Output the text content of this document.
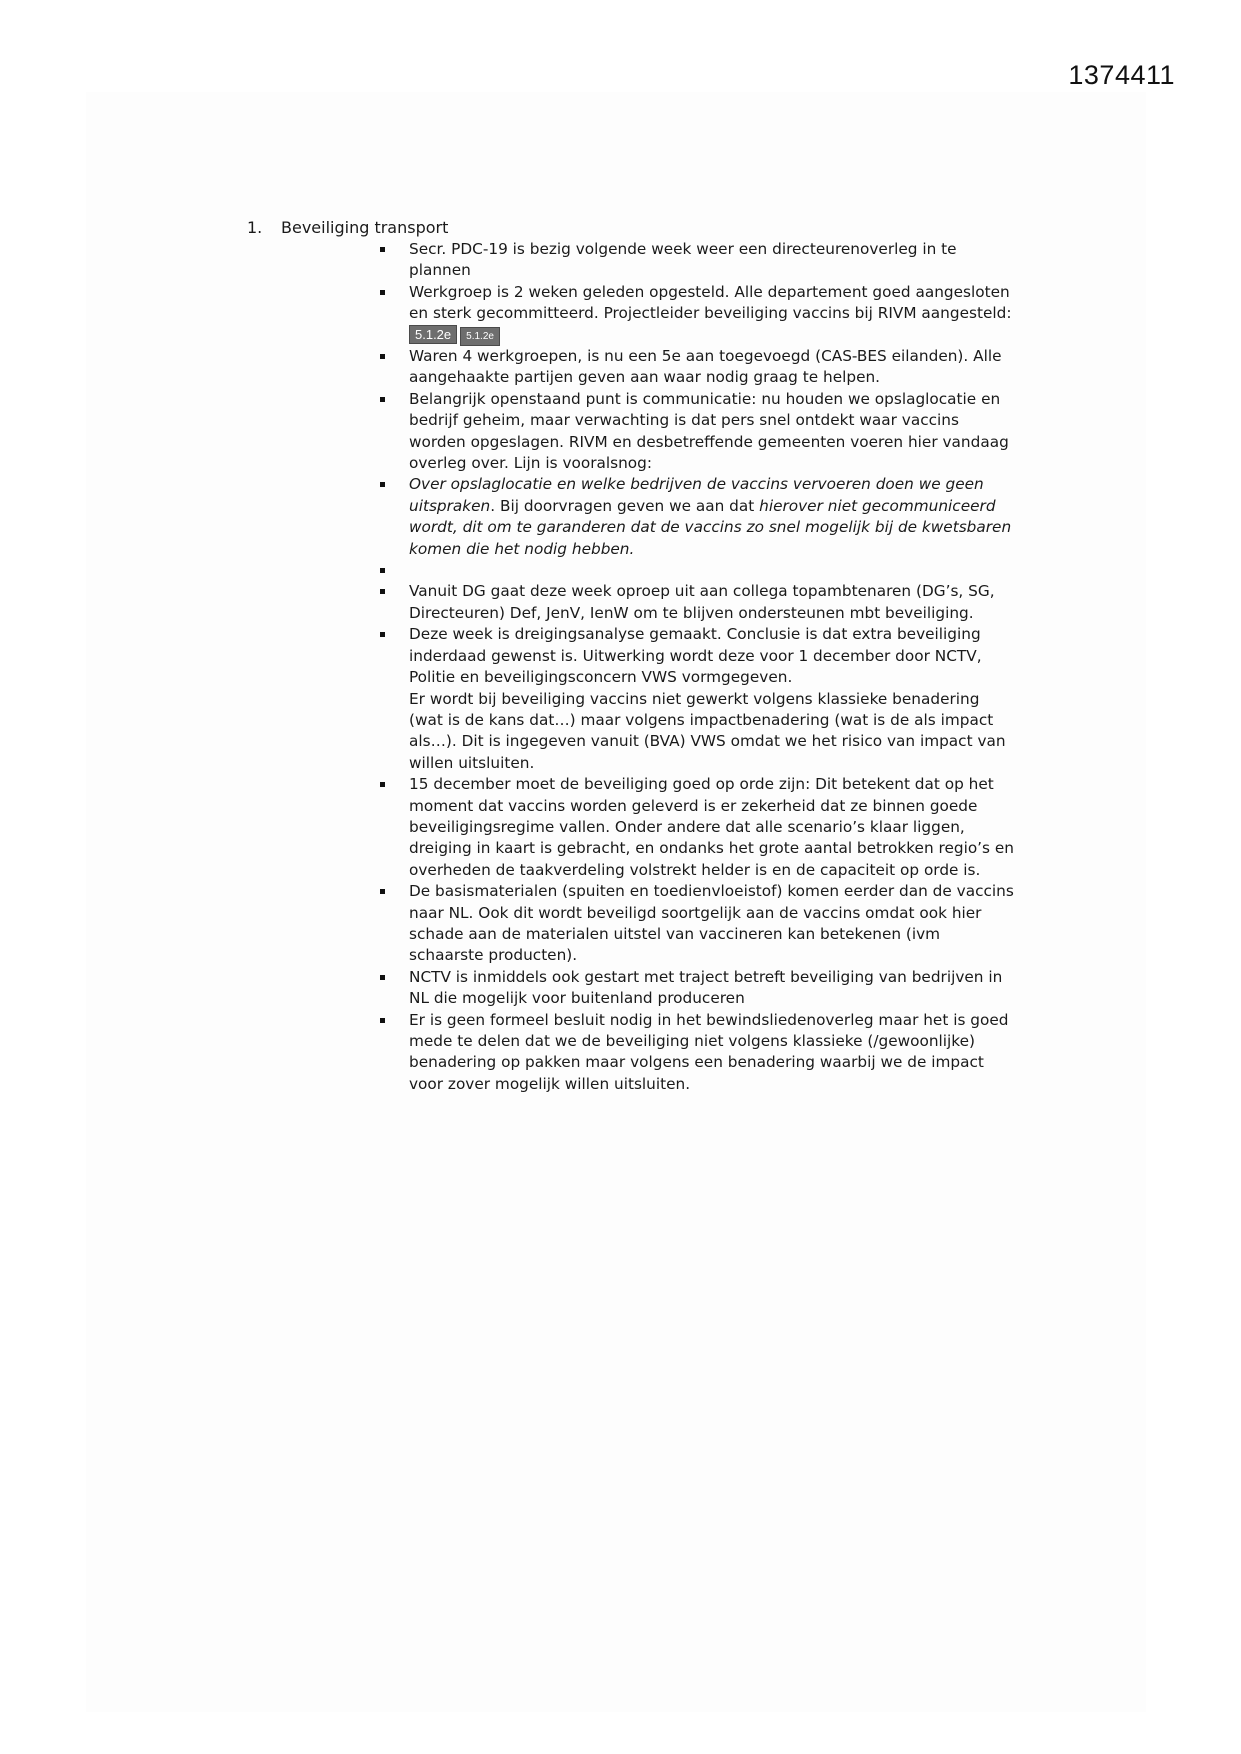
1374411
1.	Beveiliging transport
Secr. PDC-19 is bezig volgende week weer een directeurenoverleg in te plannen
Werkgroep is 2 weken geleden opgesteld. Alle departement goed aangesloten en sterk gecommitteerd. Projectleider beveiliging vaccins bij RIVM aangesteld: 5.1.2e 5.1.2e
Waren 4 werkgroepen, is nu een 5e aan toegevoegd (CAS-BES eilanden). Alle aangehaakte partijen geven aan waar nodig graag te helpen.
Belangrijk openstaand punt is communicatie: nu houden we opslaglocatie en bedrijf geheim, maar verwachting is dat pers snel ontdekt waar vaccins worden opgeslagen. RIVM en desbetreffende gemeenten voeren hier vandaag overleg over. Lijn is vooralsnog:
Over opslaglocatie en welke bedrijven de vaccins vervoeren doen we geen uitspraken. Bij doorvragen geven we aan dat hierover niet gecommuniceerd wordt, dit om te garanderen dat de vaccins zo snel mogelijk bij de kwetsbaren komen die het nodig hebben.
Vanuit DG gaat deze week oproep uit aan collega topambtenaren (DG’s, SG, Directeuren) Def, JenV, IenW om te blijven ondersteunen mbt beveiliging.
Deze week is dreigingsanalyse gemaakt. Conclusie is dat extra beveiliging inderdaad gewenst is. Uitwerking wordt deze voor 1 december door NCTV, Politie en beveiligingsconcern VWS vormgegeven.
Er wordt bij beveiliging vaccins niet gewerkt volgens klassieke benadering (wat is de kans dat…) maar volgens impactbenadering (wat is de als impact als…). Dit is ingegeven vanuit (BVA) VWS omdat we het risico van impact van willen uitsluiten.
15 december moet de beveiliging goed op orde zijn: Dit betekent dat op het moment dat vaccins worden geleverd is er zekerheid dat ze binnen goede beveiligingsregime vallen. Onder andere dat alle scenario’s klaar liggen, dreiging in kaart is gebracht, en ondanks het grote aantal betrokken regio’s en overheden de taakverdeling volstrekt helder is en de capaciteit op orde is.
De basismaterialen (spuiten en toedienvloeistof) komen eerder dan de vaccins naar NL. Ook dit wordt beveiligd soortgelijk aan de vaccins omdat ook hier schade aan de materialen uitstel van vaccineren kan betekenen (ivm schaarste producten).
NCTV is inmiddels ook gestart met traject betreft beveiliging van bedrijven in NL die mogelijk voor buitenland produceren
Er is geen formeel besluit nodig in het bewindsliedenoverleg maar het is goed mede te delen dat we de beveiliging niet volgens klassieke (/gewoonlijke) benadering op pakken maar volgens een benadering waarbij we de impact voor zover mogelijk willen uitsluiten.
